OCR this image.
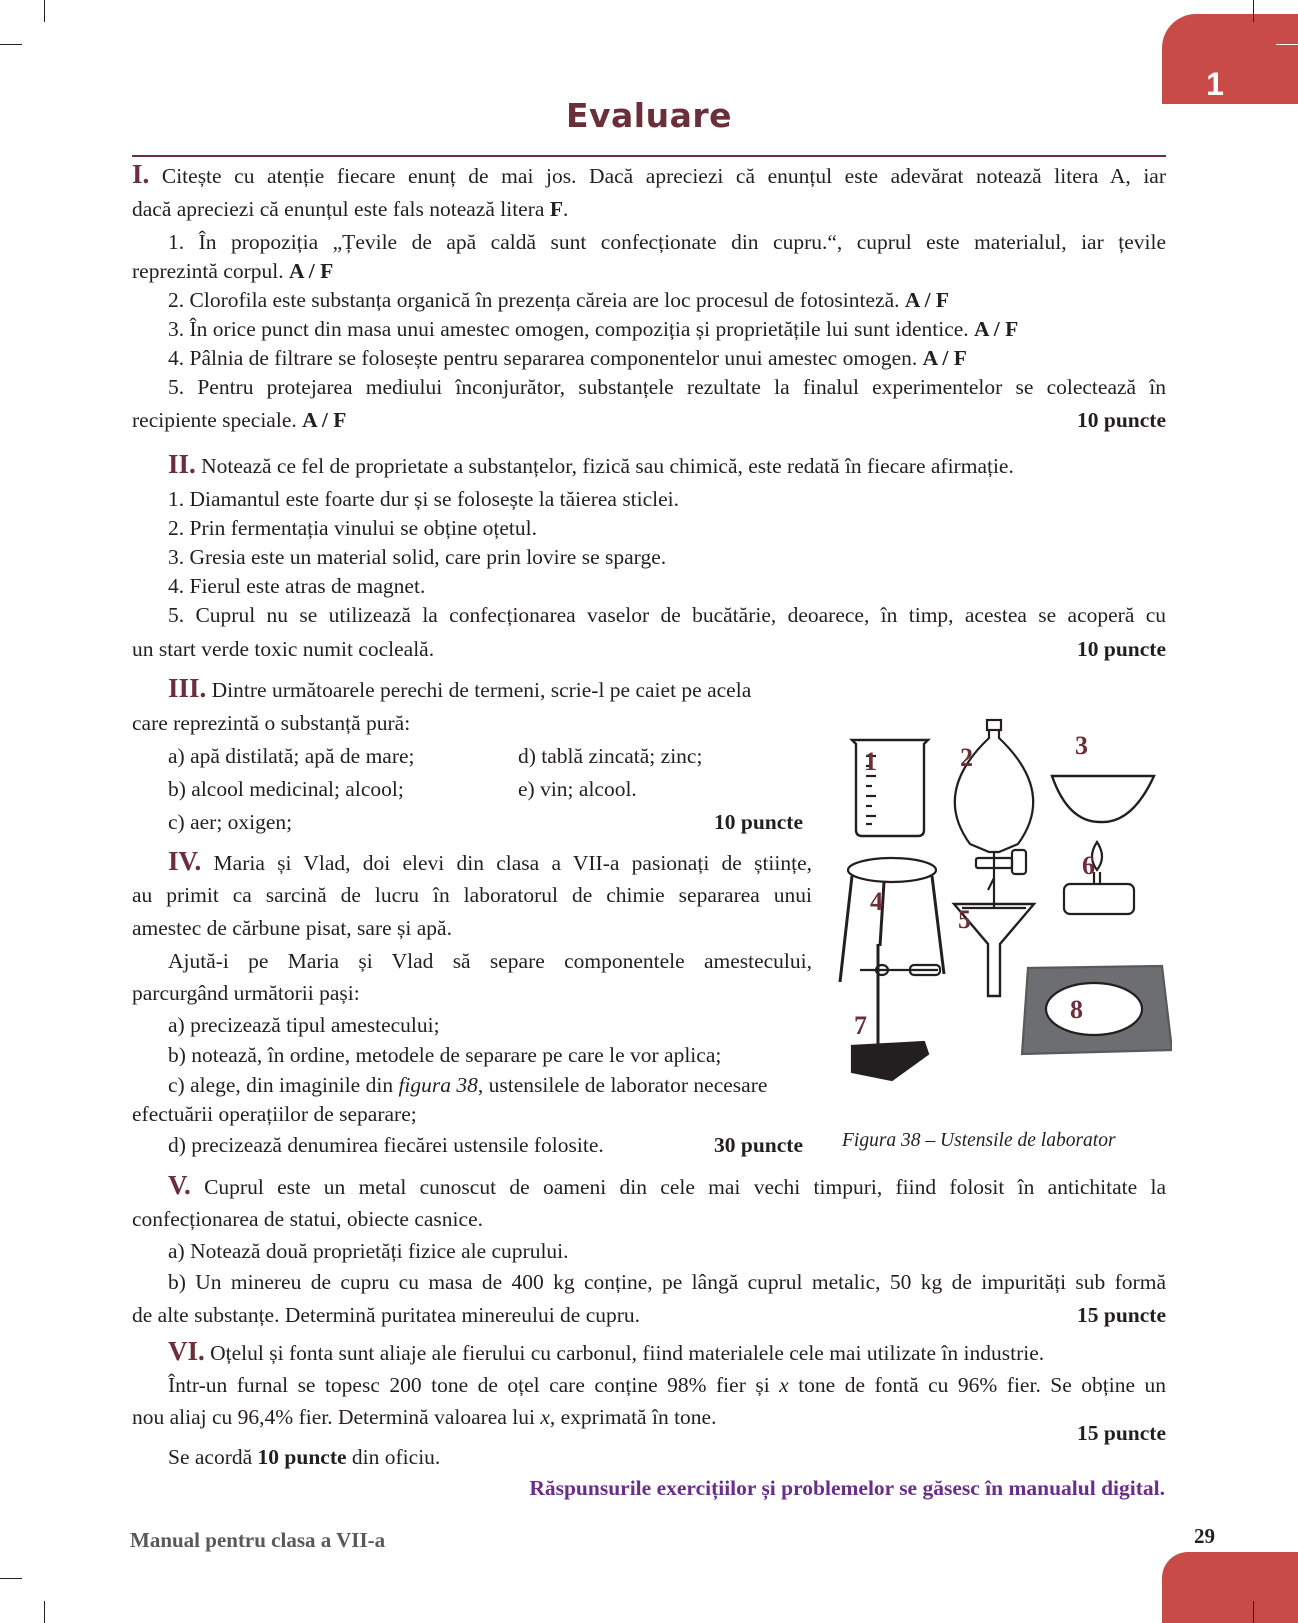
1
Evaluare

I. Citește cu atenție fiecare enunț de mai jos. Dacă apreciezi că enunțul este adevărat notează litera A, iar

dacă apreciezi că enunțul este fals notează litera F.

1. În propoziția „Țevile de apă caldă sunt confecționate din cupru.“, cuprul este materialul, iar țevile

reprezintă corpul. A / F

2. Clorofila este substanța organică în prezența căreia are loc procesul de fotosinteză. A / F

3. În orice punct din masa unui amestec omogen, compoziția și proprietățile lui sunt identice. A / F

4. Pâlnia de filtrare se folosește pentru separarea componentelor unui amestec omogen. A / F

5. Pentru protejarea mediului înconjurător, substanțele rezultate la finalul experimentelor se colectează în

recipiente speciale. A / F	10 puncte

II. Notează ce fel de proprietate a substanțelor, fizică sau chimică, este redată în fiecare afirmație.

1. Diamantul este foarte dur și se folosește la tăierea sticlei.

2. Prin fermentația vinului se obține oțetul.

3. Gresia este un material solid, care prin lovire se sparge.

4. Fierul este atras de magnet.

5. Cuprul nu se utilizează la confecționarea vaselor de bucătărie, deoarece, în timp, acestea se acoperă cu

un start verde toxic numit cocleală.	10 puncte

III. Dintre următoarele perechi de termeni, scrie-l pe caiet pe acela

care reprezintă o substanță pură:

a) apă distilată; apă de mare;	d) tablă zincată; zinc;

b) alcool medicinal; alcool;	e) vin; alcool.

c) aer; oxigen;	10 puncte

IV. Maria și Vlad, doi elevi din clasa a VII-a pasionați de științe,

au primit ca sarcină de lucru în laboratorul de chimie separarea unui

amestec de cărbune pisat, sare și apă.

Ajută-i pe Maria și Vlad să separe componentele amestecului,

parcurgând următorii pași:

a) precizează tipul amestecului;

b) notează, în ordine, metodele de separare pe care le vor aplica;

c) alege, din imaginile din figura 38, ustensilele de laborator necesare

efectuării operațiilor de separare;

d) precizează denumirea fiecărei ustensile folosite.	30 puncte

1	2	3
4
5
6
7
8
Figura 38 – Ustensile de laborator

V. Cuprul este un metal cunoscut de oameni din cele mai vechi timpuri, fiind folosit în antichitate la

confecționarea de statui, obiecte casnice.

a) Notează două proprietăți fizice ale cuprului.

b) Un minereu de cupru cu masa de 400 kg conține, pe lângă cuprul metalic, 50 kg de impurități sub formă

de alte substanțe. Determină puritatea minereului de cupru.	15 puncte

VI. Oțelul și fonta sunt aliaje ale fierului cu carbonul, fiind materialele cele mai utilizate în industrie.

Într-un furnal se topesc 200 tone de oțel care conține 98% fier și x tone de fontă cu 96% fier. Se obține un

nou aliaj cu 96,4% fier. Determină valoarea lui x, exprimată în tone.

15 puncte

Se acordă 10 puncte din oficiu.

Răspunsurile exercițiilor și problemelor se găsesc în manualul digital.
Manual pentru clasa a VII-a	29
